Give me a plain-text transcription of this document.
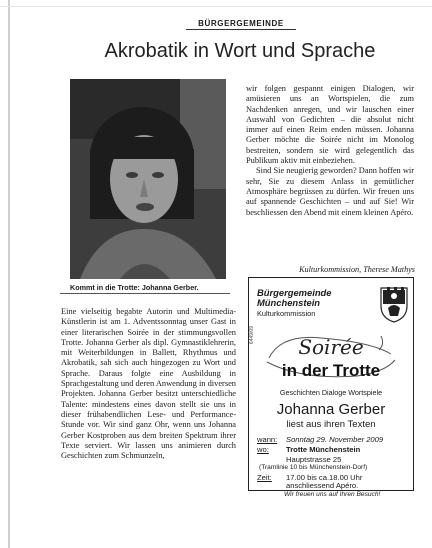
BÜRGERGEMEINDE
Akrobatik in Wort und Sprache
Kommt in die Trotte: Johanna Gerber.

Eine vielseitig begabte Autorin und Multimedia-Künstlerin ist am 1. Adventssonntag unser Gast in einer literarischen Soirée in der stimmungsvollen Trotte. Johanna Gerber als dipl. Gymnastiklehrerin, mit Weiterbildungen in Ballett, Rhythmus und Akrobatik, sah sich auch hingezogen zu Wort und Sprache. Daraus folgte eine Ausbildung in Sprachgestaltung und deren Anwendung in diversen Projekten. Johanna Gerber besitzt unterschiedliche Talente: mindestens eines davon stellt sie uns in dieser frühabendlichen Lese- und Performance-Stunde vor. Wir sind ganz Ohr, wenn uns Johanna Gerber Kostproben aus dem breiten Spektrum ihrer Texte serviert. Wir lassen uns animieren durch Geschichten zum Schmunzeln,

wir folgen gespannt einigen Dialogen, wir amüsieren uns an Wortspielen, die zum Nachdenken anregen, und wir lauschen einer Auswahl von Gedichten – die absolut nicht immer auf einen Reim enden müssen. Johanna Gerber möchte die Soirée nicht im Monolog bestreiten, sondern sie wird gelegentlich das Publikum aktiv mit einbeziehen.

Sind Sie neugierig geworden? Dann hoffen wir sehr, Sie zu diesem Anlass in gemütlicher Atmosphäre begrüssen zu dürfen. Wir freuen uns auf spannende Geschichten – und auf Sie! Wir beschliessen den Abend mit einem kleinen Apéro.

Kulturkommission, Therese Mathys
Bürgergemeinde
Münchenstein
Kulturkommission
6449/09	Soirée
in der Trotte
Geschichten Dialoge Wortspiele
Johanna Gerber
liest aus ihren Texten
wann: Sonntag 29. November 2009
wo: Trotte Münchenstein
Hauptstrasse 25
(Tramlinie 10 bis Münchenstein-Dorf)
Zeit: 17.00 bis ca.18.00 Uhr
anschliessend Apéro.
Wir freuen uns auf Ihren Besuch!
